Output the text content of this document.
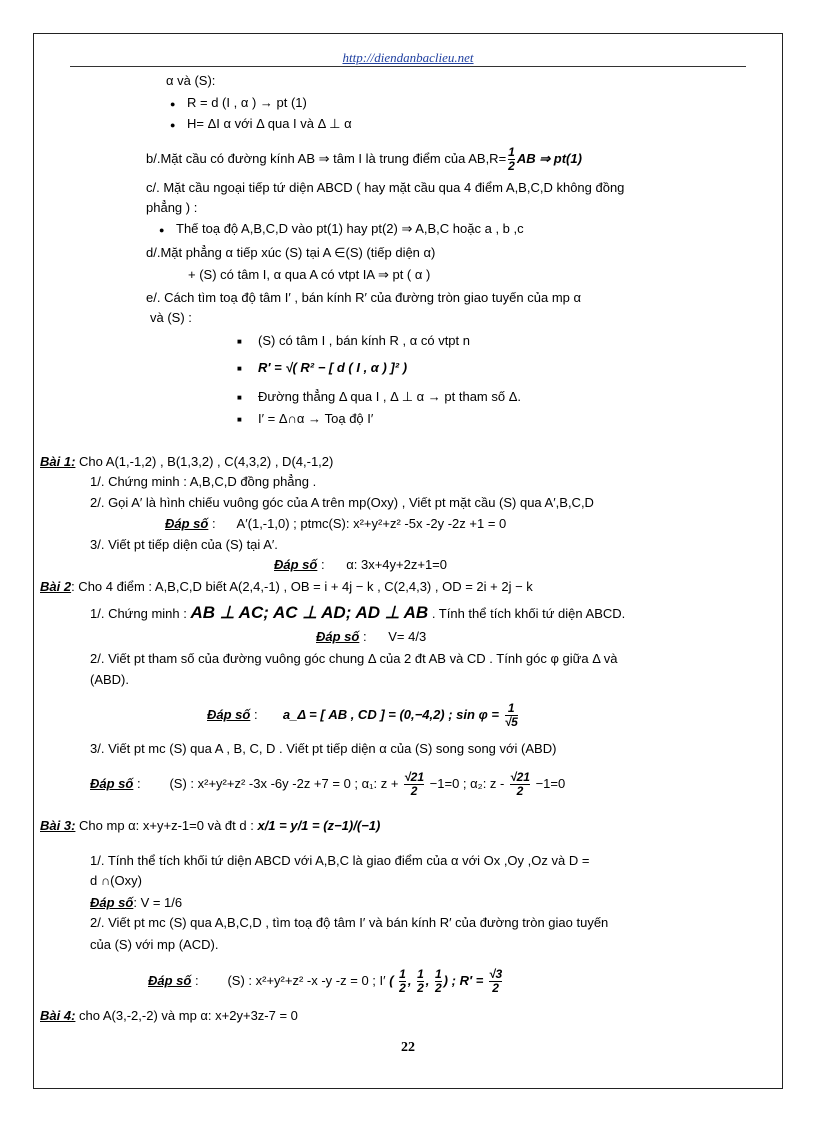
http://diendanbaclieu.net
α và (S):
● R = d (I , α ) → pt (1)
● H= ΔI α với Δ qua I và Δ ⊥ α
b/.Mặt cầu có đường kính AB ⇒ tâm I là trung điểm của $AB,R= \frac{1}{2}$ AB ⇒ pt(1)
c/. Mặt cầu ngoại tiếp tứ diện ABCD ( hay mặt cầu qua 4 điểm A,B,C,D không đồng
phẳng ) :
● Thế toạ độ A,B,C,D vào pt(1) hay pt(2) ⇒ A,B,C hoặc a , b ,c
d/.Mặt phẳng α tiếp xúc (S) tại A ∈(S) (tiếp diện α)
+ (S) có tâm I, α qua A có vtpt IA ⇒ pt ( α )
e/. Cách tìm toạ độ tâm I′ , bán kính R′ của đường tròn giao tuyến của mp α
và (S) :
■ (S) có tâm I , bán kính R , α có vtpt n
■ R′ = √( R² − [ d ( I , α ) ]² )
■ Đường thẳng Δ qua I , Δ ⊥ α → pt tham số Δ.
■ I′ = Δ∩α → Toạ độ I′
Bài 1: Cho A(1,-1,2) , B(1,3,2) , C(4,3,2) , D(4,-1,2)
1/. Chứng minh : A,B,C,D đồng phẳng .
2/. Gọi A′ là hình chiếu vuông góc của A trên mp(Oxy) , Viết pt mặt cầu (S) qua A′,B,C,D
Đáp số :      A′(1,-1,0) ; ptmc(S): x²+y²+z² -5x -2y -2z +1 = 0
3/. Viết pt tiếp diện của (S) tại A′.
Đáp số :      α: 3x+4y+2z+1=0
Bài 2: Cho 4 điểm : A,B,C,D biết A(2,4,-1) , OB = i + 4j − k , C(2,4,3) , OD = 2i + 2j − k
1/. Chứng minh : AB ⊥ AC; AC ⊥ AD; AD ⊥ AB . Tính thể tích khối tứ diện ABCD.
Đáp số :      V= 4/3
2/. Viết pt tham số của đường vuông góc chung Δ của 2 đt AB và CD . Tính góc φ giữa Δ và
(ABD).
Đáp số :       a_Δ = [ AB , CD ] = (0,−4,2) ; $\sin \varphi = \frac{1}{√5}$
3/. Viết pt mc (S) qua A , B, C, D . Viết pt tiếp diện α của (S) song song với (ABD)
Đáp số :        (S) : x²+y²+z² -3x -6y -2z +7 = 0 ; α₁: $z + \frac{√21}{2} -1=0$ ; α₂: $z - \frac{√21}{2} -1=0$
Bài 3: Cho mp α: x+y+z-1=0 và đt d : x/1 = y/1 = (z−1)/(−1)
1/. Tính thể tích khối tứ diện ABCD với A,B,C là giao điểm của α với Ox ,Oy ,Oz và D =
d ∩(Oxy)
Đáp số: V = 1/6
2/. Viết pt mc (S) qua A,B,C,D , tìm toạ độ tâm I′ và bán kính R′ của đường tròn giao tuyến
của (S) với mp (ACD).
Đáp số :        (S) : x²+y²+z² -x -y -z = 0 ; I′ ( $\frac{1}{2}$ , $\frac{1}{2}$ , $\frac{1}{2}$ ) ; $R' = \frac{√3}{2}$
Bài 4: cho A(3,-2,-2) và mp α: x+2y+3z-7 = 0
22
